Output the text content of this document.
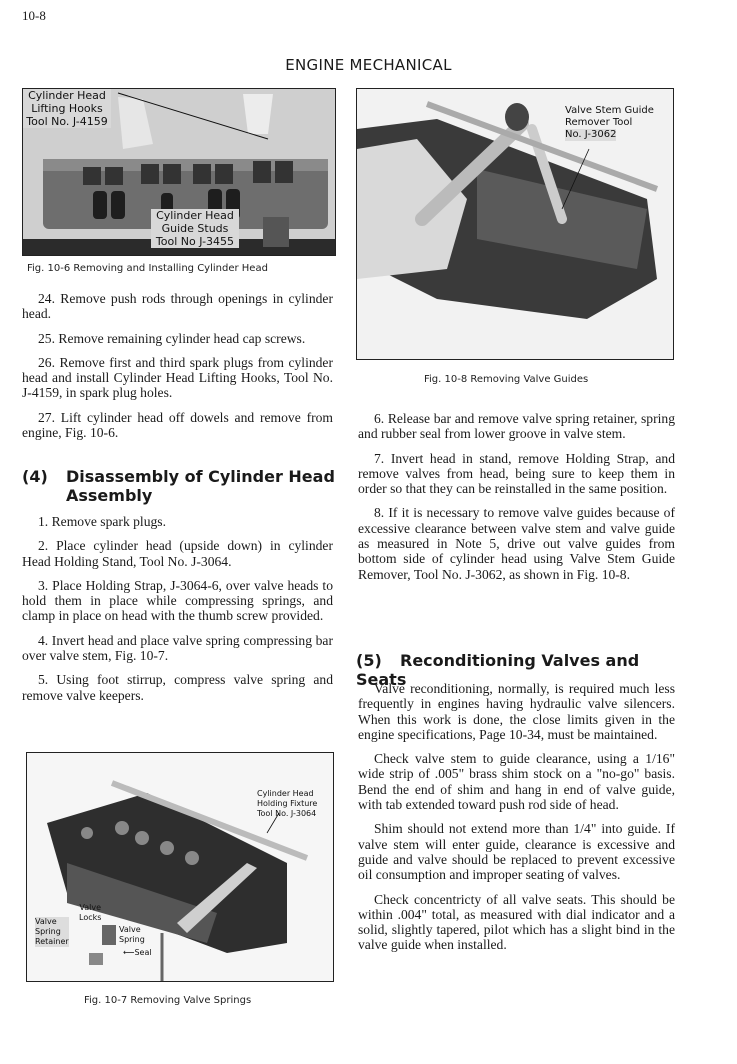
10-8
ENGINE MECHANICAL
Cylinder Head
Lifting Hooks
Tool No. J-4159
Cylinder Head
Guide Studs
Tool No J-3455
Fig. 10-6 Removing and Installing Cylinder Head
Valve Stem Guide
Remover Tool
No. J-3062
Fig. 10-8 Removing Valve Guides

24. Remove push rods through openings in cylinder head.

25. Remove remaining cylinder head cap screws.

26. Remove first and third spark plugs from cylinder head and install Cylinder Head Lifting Hooks, Tool No. J-4159, in spark plug holes.

27. Lift cylinder head off dowels and remove from engine, Fig. 10-6.

(4) Disassembly of Cylinder Head
Assembly

1. Remove spark plugs.

2. Place cylinder head (upside down) in cylinder Head Holding Stand, Tool No. J-3064.

3. Place Holding Strap, J-3064-6, over valve heads to hold them in place while compressing springs, and clamp in place on head with the thumb screw provided.

4. Invert head and place valve spring compressing bar over valve stem, Fig. 10-7.

5. Using foot stirrup, compress valve spring and remove valve keepers.

Cylinder Head
Holding Fixture
Tool No. J-3064
Valve
Locks
Valve
Spring
Retainer
Valve
Spring
⟵Seal
Fig. 10-7 Removing Valve Springs

6. Release bar and remove valve spring retainer, spring and rubber seal from lower groove in valve stem.

7. Invert head in stand, remove Holding Strap, and remove valves from head, being sure to keep them in order so that they can be reinstalled in the same position.

8. If it is necessary to remove valve guides because of excessive clearance between valve stem and valve guide as measured in Note 5, drive out valve guides from bottom side of cylinder head using Valve Stem Guide Remover, Tool No. J-3062, as shown in Fig. 10-8.

(5) Reconditioning Valves and Seats

Valve reconditioning, normally, is required much less frequently in engines having hydraulic valve silencers. When this work is done, the close limits given in the engine specifications, Page 10-34, must be maintained.

Check valve stem to guide clearance, using a 1/16" wide strip of .005" brass shim stock on a "no-go" basis. Bend the end of shim and hang in end of valve guide, with tab extended toward push rod side of head.

Shim should not extend more than 1/4" into guide. If valve stem will enter guide, clearance is excessive and guide and valve should be replaced to prevent excessive oil consumption and improper seating of valves.

Check concentricty of all valve seats. This should be within .004" total, as measured with dial indicator and a solid, slightly tapered, pilot which has a slight bind in the valve guide when installed.
